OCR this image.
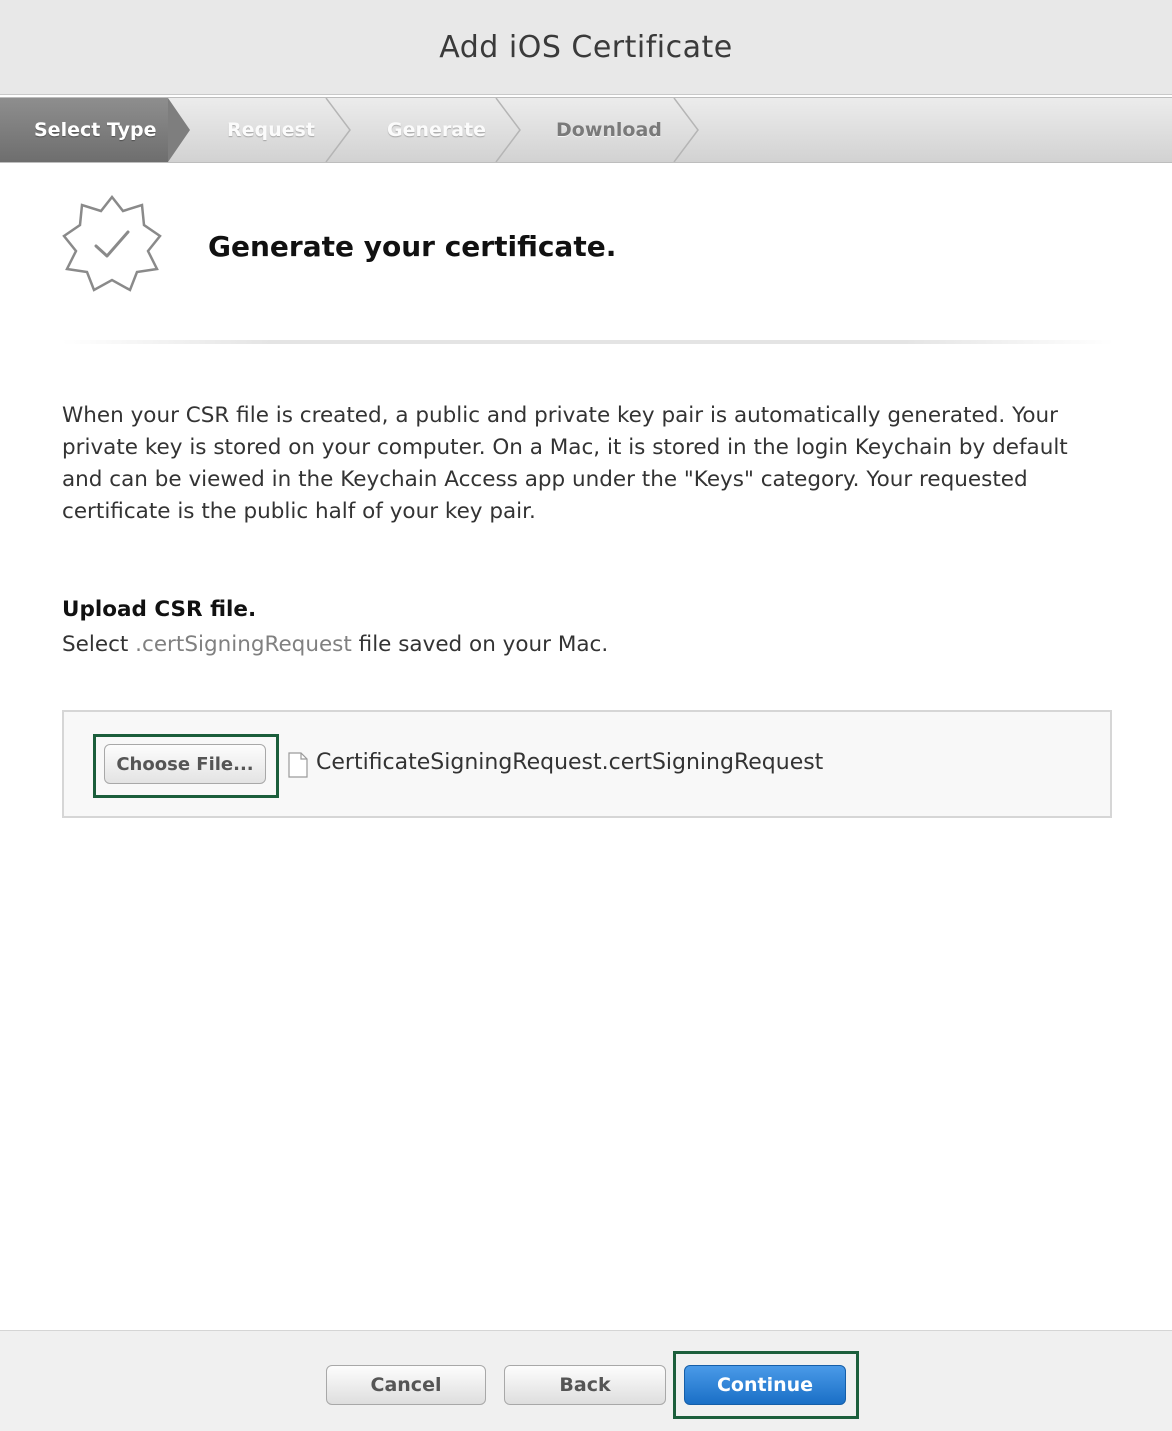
Add iOS Certificate
Select Type	Request	Generate	Download
Generate your certificate.
When your CSR file is created, a public and private key pair is automatically generated. Your private key is stored on your computer. On a Mac, it is stored in the login Keychain by default and can be viewed in the Keychain Access app under the "Keys" category. Your requested certificate is the public half of your key pair.
Upload CSR file.
Select .certSigningRequest file saved on your Mac.
Choose File...	CertificateSigningRequest.certSigningRequest
Cancel	Back	Continue
